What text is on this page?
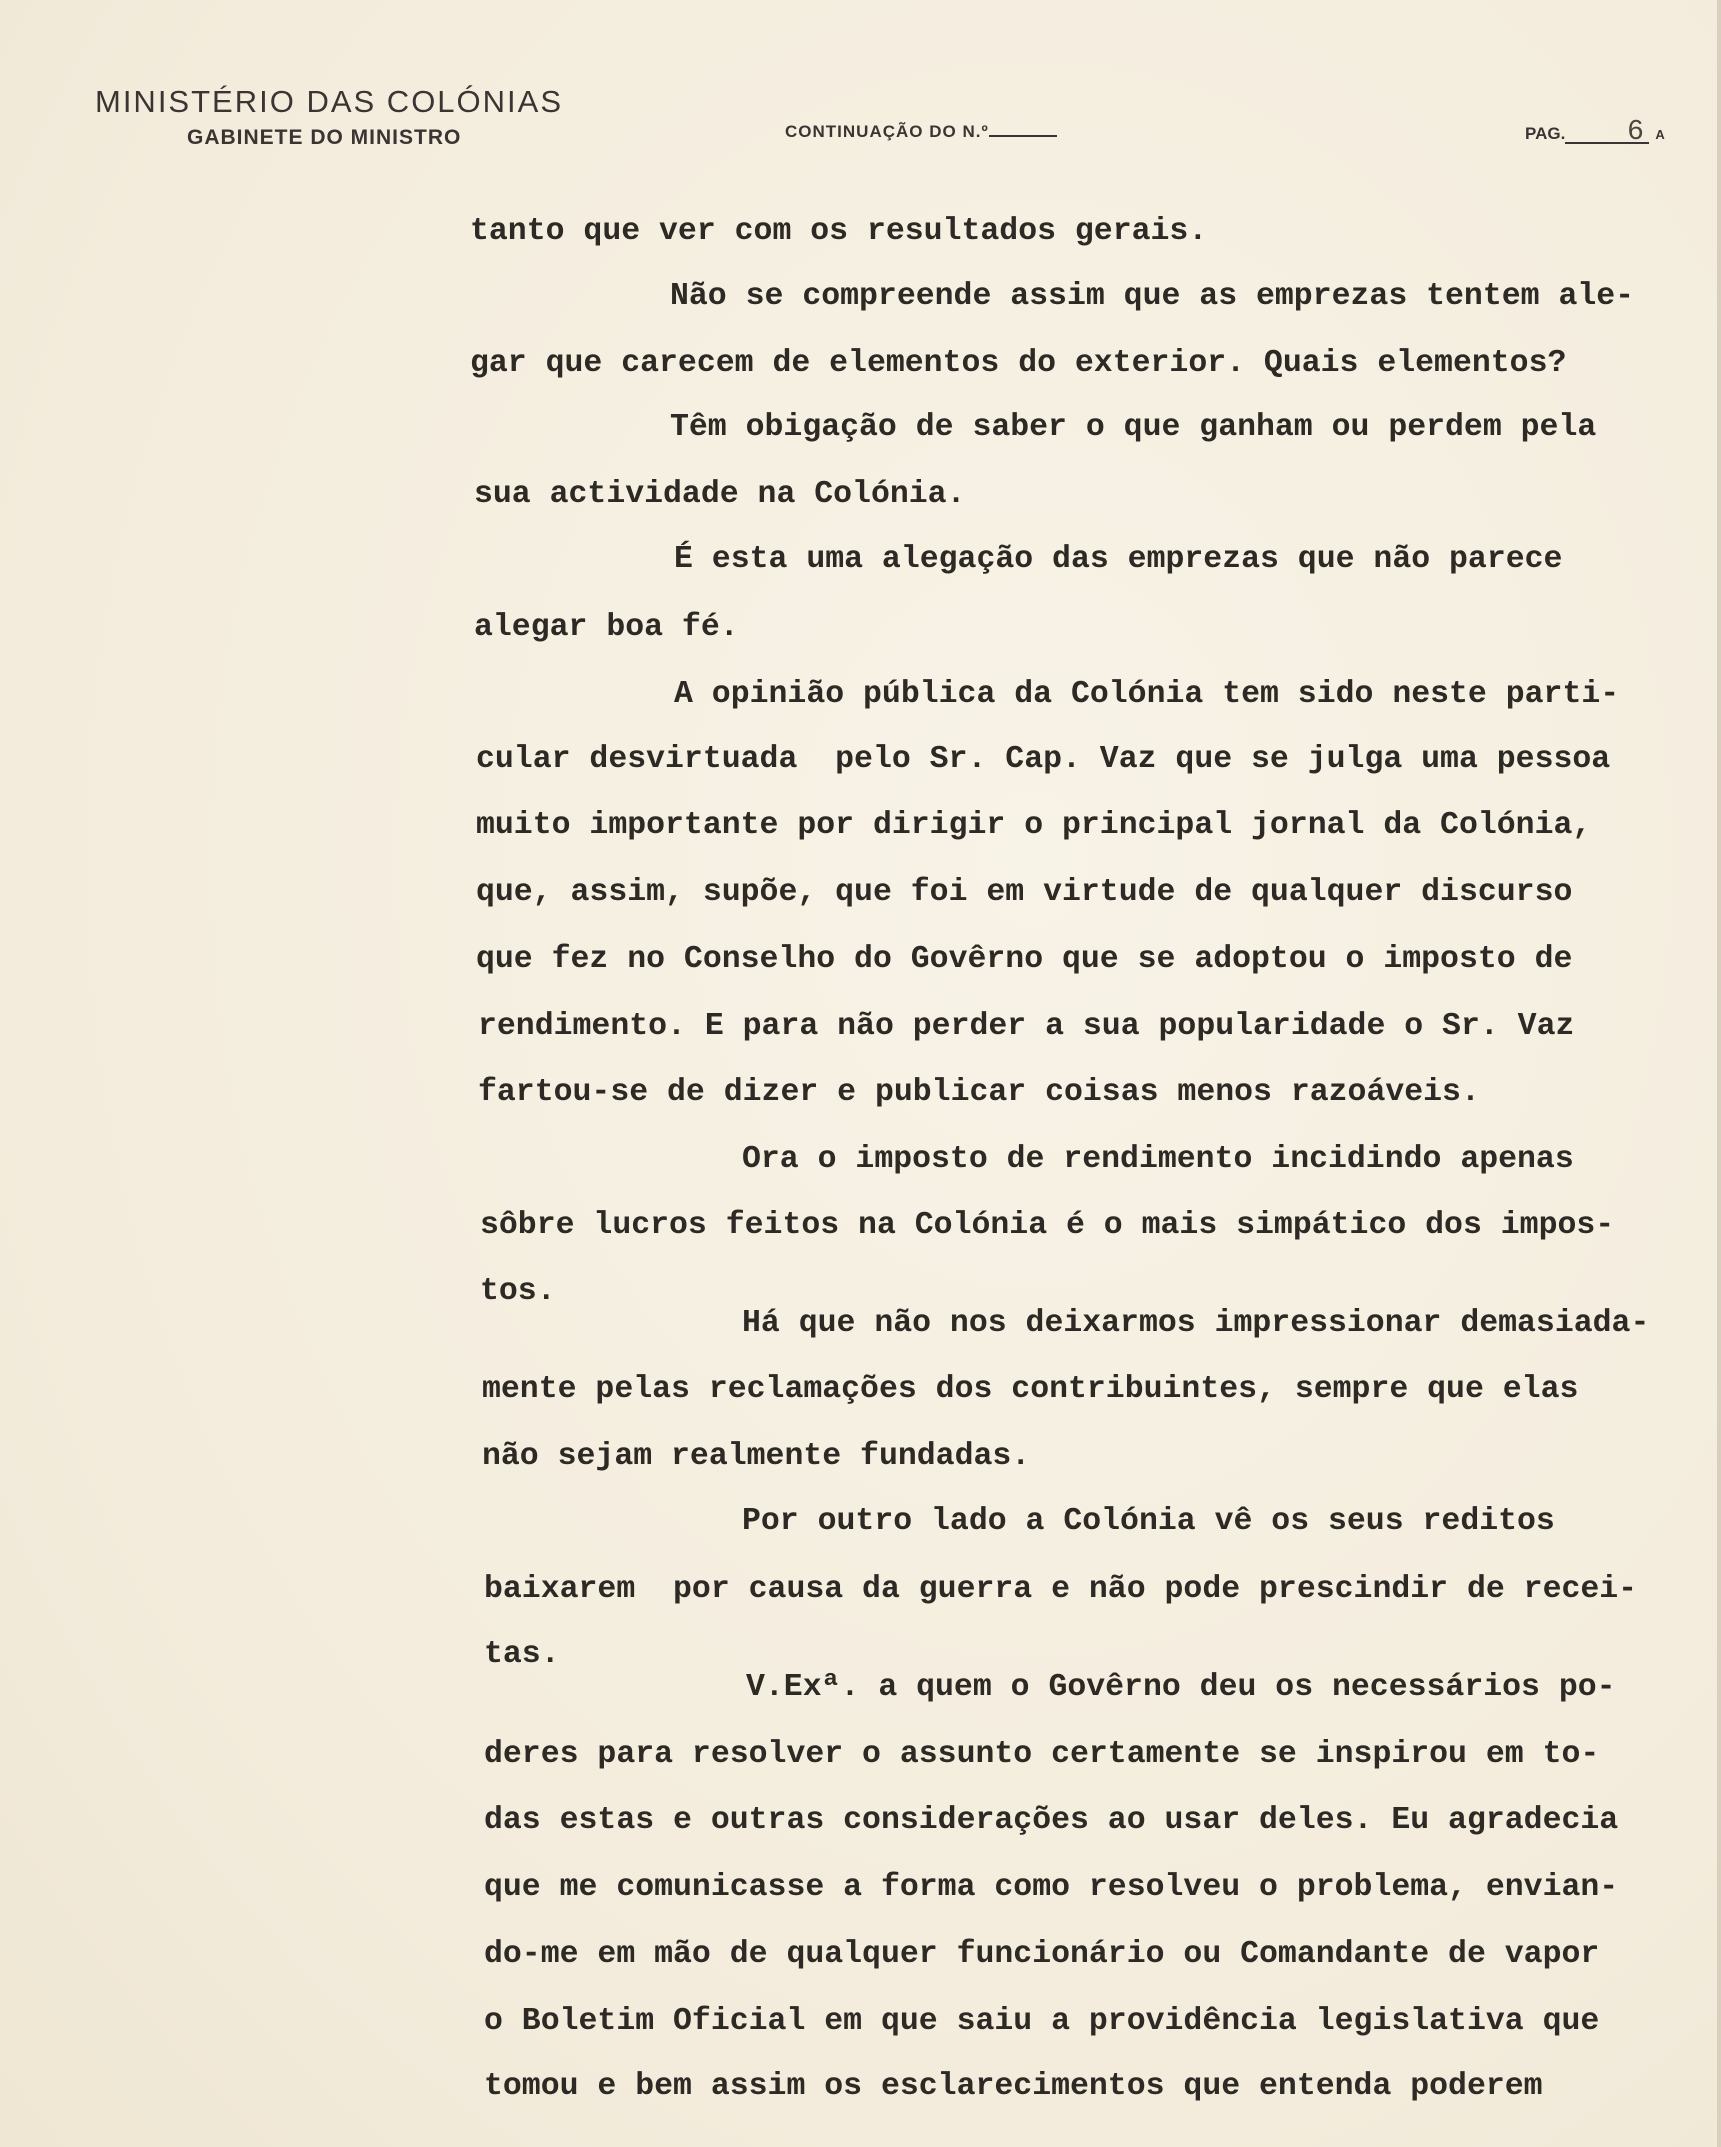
MINISTÉRIO DAS COLÓNIAS
GABINETE DO MINISTRO	CONTINUAÇÃO DO N.º	PAG. 6 A
tanto que ver com os resultados gerais.
Não se compreende assim que as emprezas tentem ale-
gar que carecem de elementos do exterior. Quais elementos?
Têm obigação de saber o que ganham ou perdem pela
sua actividade na Colónia.
É esta uma alegação das emprezas que não parece
alegar boa fé.
A opinião pública da Colónia tem sido neste parti-
cular desvirtuada  pelo Sr. Cap. Vaz que se julga uma pessoa
muito importante por dirigir o principal jornal da Colónia,
que, assim, supõe, que foi em virtude de qualquer discurso
que fez no Conselho do Govêrno que se adoptou o imposto de
rendimento. E para não perder a sua popularidade o Sr. Vaz
fartou-se de dizer e publicar coisas menos razoáveis.
Ora o imposto de rendimento incidindo apenas
sôbre lucros feitos na Colónia é o mais simpático dos impos-
tos.
Há que não nos deixarmos impressionar demasiada-
mente pelas reclamações dos contribuintes, sempre que elas
não sejam realmente fundadas.
Por outro lado a Colónia vê os seus reditos
baixarem  por causa da guerra e não pode prescindir de recei-
tas.
V.Exª. a quem o Govêrno deu os necessários po-
deres para resolver o assunto certamente se inspirou em to-
das estas e outras considerações ao usar deles. Eu agradecia
que me comunicasse a forma como resolveu o problema, envian-
do-me em mão de qualquer funcionário ou Comandante de vapor
o Boletim Oficial em que saiu a providência legislativa que
tomou e bem assim os esclarecimentos que entenda poderem
